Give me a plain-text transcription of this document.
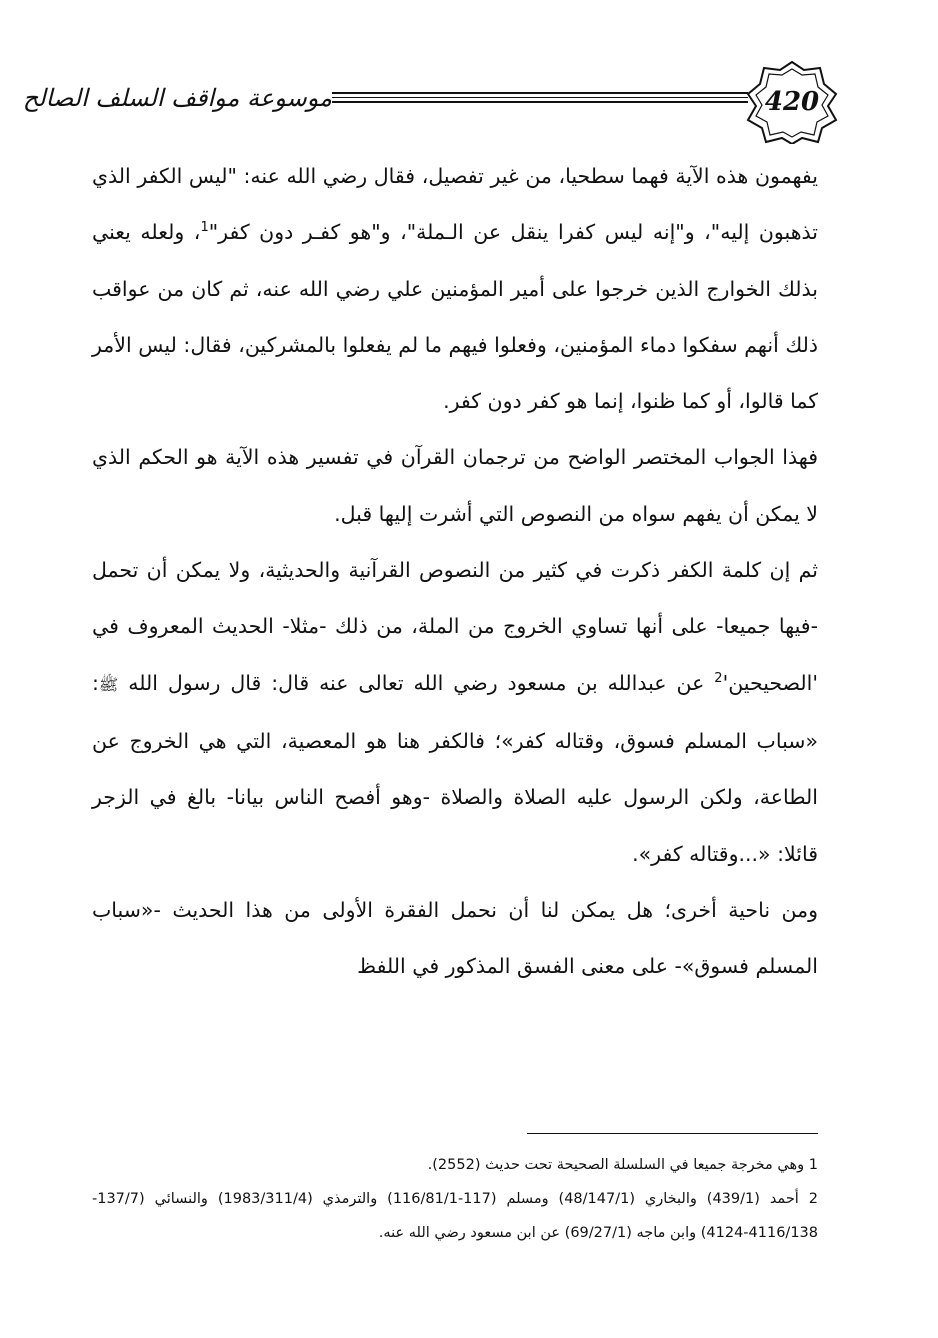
420
موسوعة مواقف السلف الصالح

يفهمون هذه الآية فهما سطحيا، من غير تفصيل، فقال رضي الله عنه: "ليس الكفر الذي تذهبون إليه"، و"إنه ليس كفرا ينقل عن الـملة"، و"هو كفـر دون كفر"$^1$، ولعله يعني بذلك الخوارج الذين خرجوا على أمير المؤمنين علي رضي الله عنه، ثم كان من عواقب ذلك أنهم سفكوا دماء المؤمنين، وفعلوا فيهم ما لم يفعلوا بالمشركين، فقال: ليس الأمر كما قالوا، أو كما ظنوا، إنما هو كفر دون كفر.

فهذا الجواب المختصر الواضح من ترجمان القرآن في تفسير هذه الآية هو الحكم الذي لا يمكن أن يفهم سواه من النصوص التي أشرت إليها قبل.

ثم إن كلمة الكفر ذكرت في كثير من النصوص القرآنية والحديثية، ولا يمكن أن تحمل -فيها جميعا- على أنها تساوي الخروج من الملة، من ذلك -مثلا- الحديث المعروف في '$الصحيحين'^2$ عن عبدالله بن مسعود رضي الله تعالى عنه قال: قال رسول الله ﷺ: «سباب المسلم فسوق، وقتاله كفر»؛ فالكفر هنا هو المعصية، التي هي الخروج عن الطاعة، ولكن الرسول عليه الصلاة والصلاة -وهو أفصح الناس بيانا- بالغ في الزجر قائلا: «...وقتاله كفر».

ومن ناحية أخرى؛ هل يمكن لنا أن نحمل الفقرة الأولى من هذا الحديث -«سباب المسلم فسوق»- على معنى الفسق المذكور في اللفظ

1 وهي مخرجة جميعا في السلسلة الصحيحة تحت حديث (2552).

2 أحمد (439/1) والبخاري (48/147/1) ومسلم (117-116/81/1) والترمذي (1983/311/4) والنسائي (137/7-4116/138-4124) وابن ماجه (69/27/1) عن ابن مسعود رضي الله عنه.
